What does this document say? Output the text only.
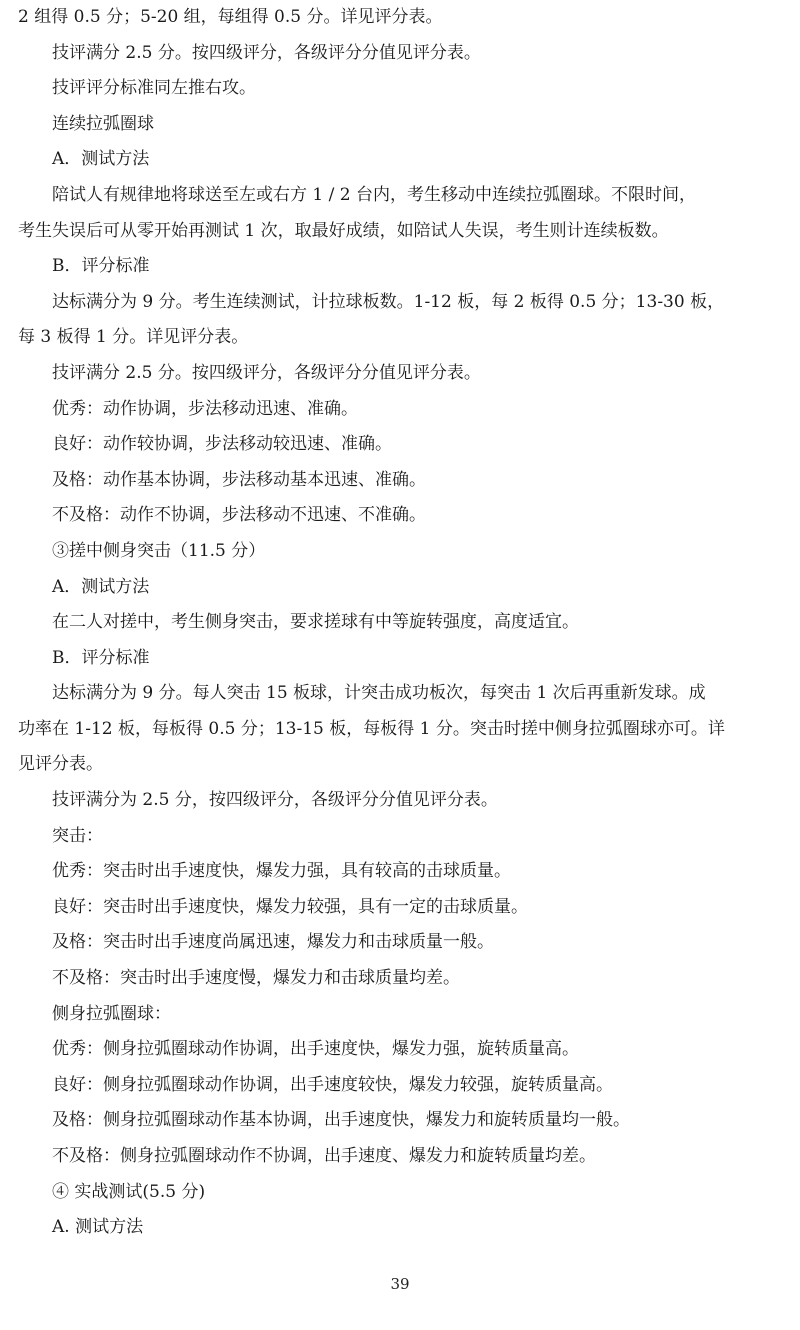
2 组得 0.5 分；5-20 组，每组得 0.5 分。详见评分表。
技评满分 2.5 分。按四级评分，各级评分分值见评分表。
技评评分标准同左推右攻。
连续拉弧圈球
A．测试方法
陪试人有规律地将球送至左或右方 1 / 2 台内，考生移动中连续拉弧圈球。不限时间，
考生失误后可从零开始再测试 1 次，取最好成绩，如陪试人失误，考生则计连续板数。
B．评分标准
达标满分为 9 分。考生连续测试，计拉球板数。1-12 板，每 2 板得 0.5 分；13-30 板，
每 3 板得 1 分。详见评分表。
技评满分 2.5 分。按四级评分，各级评分分值见评分表。
优秀：动作协调，步法移动迅速、准确。
良好：动作较协调，步法移动较迅速、准确。
及格：动作基本协调，步法移动基本迅速、准确。
不及格：动作不协调，步法移动不迅速、不准确。
③搓中侧身突击（11.5 分）
A．测试方法
在二人对搓中，考生侧身突击，要求搓球有中等旋转强度，高度适宜。
B．评分标准
达标满分为 9 分。每人突击 15 板球，计突击成功板次，每突击 1 次后再重新发球。成
功率在 1-12 板，每板得 0.5 分；13-15 板，每板得 1 分。突击时搓中侧身拉弧圈球亦可。详
见评分表。
技评满分为 2.5 分，按四级评分，各级评分分值见评分表。
突击：
优秀：突击时出手速度快，爆发力强，具有较高的击球质量。
良好：突击时出手速度快，爆发力较强，具有一定的击球质量。
及格：突击时出手速度尚属迅速，爆发力和击球质量一般。
不及格：突击时出手速度慢，爆发力和击球质量均差。
侧身拉弧圈球：
优秀：侧身拉弧圈球动作协调，出手速度快，爆发力强，旋转质量高。
良好：侧身拉弧圈球动作协调，出手速度较快，爆发力较强，旋转质量高。
及格：侧身拉弧圈球动作基本协调，出手速度快，爆发力和旋转质量均一般。
不及格：侧身拉弧圈球动作不协调，出手速度、爆发力和旋转质量均差。
④ 实战测试(5.5 分)
A. 测试方法
39
